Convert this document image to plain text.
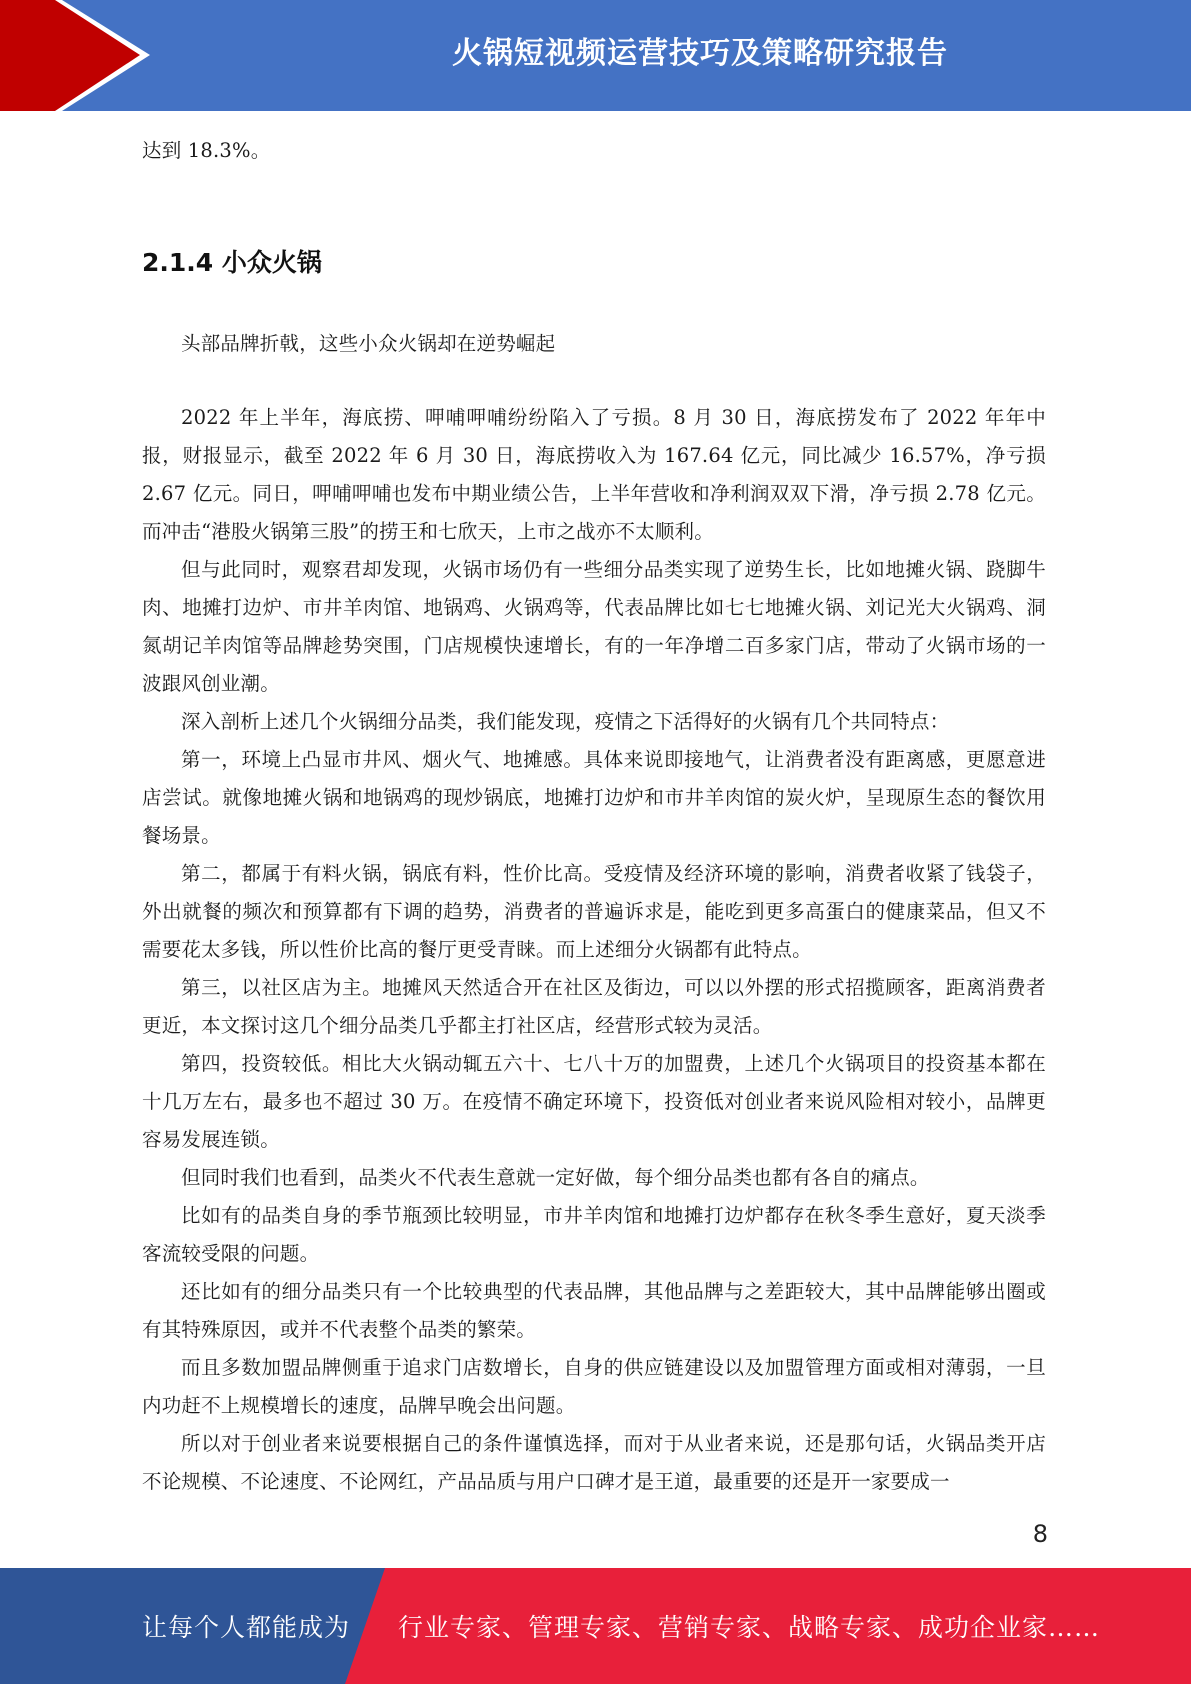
火锅短视频运营技巧及策略研究报告

达到 18.3%。

2.1.4 小众火锅

头部品牌折戟，这些小众火锅却在逆势崛起

2022 年上半年，海底捞、呷哺呷哺纷纷陷入了亏损。8 月 30 日，海底捞发布了 2022 年年中报，财报显示，截至 2022 年 6 月 30 日，海底捞收入为 167.64 亿元，同比减少 16.57%，净亏损 2.67 亿元。同日，呷哺呷哺也发布中期业绩公告，上半年营收和净利润双双下滑，净亏损 2.78 亿元。而冲击“港股火锅第三股”的捞王和七欣天，上市之战亦不太顺利。

但与此同时，观察君却发现，火锅市场仍有一些细分品类实现了逆势生长，比如地摊火锅、跷脚牛肉、地摊打边炉、市井羊肉馆、地锅鸡、火锅鸡等，代表品牌比如七七地摊火锅、刘记光大火锅鸡、洞氮胡记羊肉馆等品牌趁势突围，门店规模快速增长，有的一年净增二百多家门店，带动了火锅市场的一波跟风创业潮。

深入剖析上述几个火锅细分品类，我们能发现，疫情之下活得好的火锅有几个共同特点：

第一，环境上凸显市井风、烟火气、地摊感。具体来说即接地气，让消费者没有距离感，更愿意进店尝试。就像地摊火锅和地锅鸡的现炒锅底，地摊打边炉和市井羊肉馆的炭火炉，呈现原生态的餐饮用餐场景。

第二，都属于有料火锅，锅底有料，性价比高。受疫情及经济环境的影响，消费者收紧了钱袋子，外出就餐的频次和预算都有下调的趋势，消费者的普遍诉求是，能吃到更多高蛋白的健康菜品，但又不需要花太多钱，所以性价比高的餐厅更受青睐。而上述细分火锅都有此特点。

第三，以社区店为主。地摊风天然适合开在社区及街边，可以以外摆的形式招揽顾客，距离消费者更近，本文探讨这几个细分品类几乎都主打社区店，经营形式较为灵活。

第四，投资较低。相比大火锅动辄五六十、七八十万的加盟费，上述几个火锅项目的投资基本都在十几万左右，最多也不超过 30 万。在疫情不确定环境下，投资低对创业者来说风险相对较小，品牌更容易发展连锁。

但同时我们也看到，品类火不代表生意就一定好做，每个细分品类也都有各自的痛点。

比如有的品类自身的季节瓶颈比较明显，市井羊肉馆和地摊打边炉都存在秋冬季生意好，夏天淡季客流较受限的问题。

还比如有的细分品类只有一个比较典型的代表品牌，其他品牌与之差距较大，其中品牌能够出圈或有其特殊原因，或并不代表整个品类的繁荣。

而且多数加盟品牌侧重于追求门店数增长，自身的供应链建设以及加盟管理方面或相对薄弱，一旦内功赶不上规模增长的速度，品牌早晚会出问题。

所以对于创业者来说要根据自己的条件谨慎选择，而对于从业者来说，还是那句话，火锅品类开店不论规模、不论速度、不论网红，产品品质与用户口碑才是王道，最重要的还是开一家要成一

8
让每个人都能成为 行业专家、管理专家、营销专家、战略专家、成功企业家……
